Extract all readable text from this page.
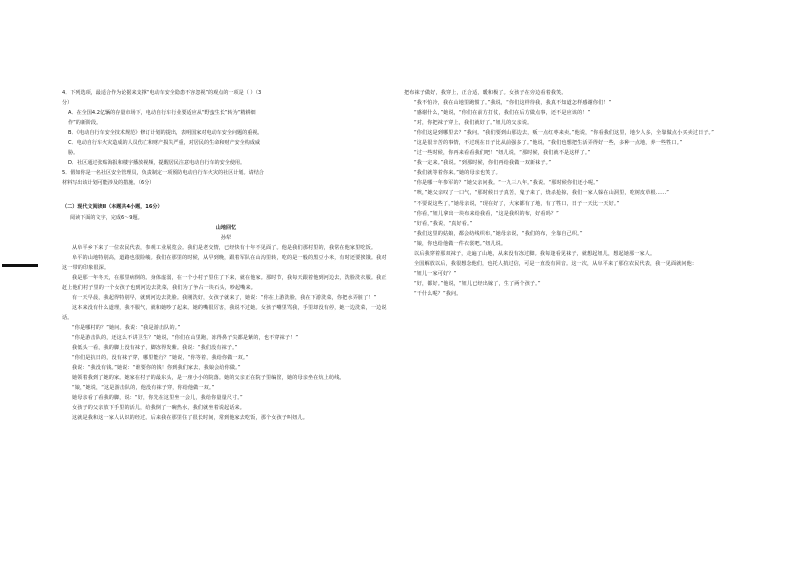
4．下列选项，最适合作为论据来支撑“电动车安全隐患不容忽视”的观点的一项是（ ）（3
分）
A．在全国4.2亿辆的存量市场下，电动自行车行业要适应从“野蛮生长”转为“精耕细
作”的新阶段。
B．《电动自行车安全技术规范》修订计划的提出，表明国家对电动车安全问题的重视。
C．电动自行车火灾造成的人员伤亡和财产损失严重，对居民的生命和财产安全构成威
胁。
D．社区通过张贴海报和楼宇播放视频，提醒居民注意电动自行车的安全使用。
5．假如你是一名社区安全管理员，负责制定一项预防电动自行车火灾的社区计划。请结合
材料写出该计划可能涉及的措施。（6分）
（二）现代文阅读Ⅱ（本题共4小题，16分）
阅读下面的文字，完成6～9题。
山地回忆
孙犁
从阜平乡下来了一位农民代表，参观工业展览会。我们是老交情，已经快有十年不见面了。他是我们那村里的，我常在他家里吃饭。
阜平的山地特别高，道路也很险峻。我们在那里的时候，从早到晚，跟着军队在山沟里转，吃的是一般的黑豆小米，有时还要挨饿。我对这一带的印象很深。
我是那一年冬天，在那里病倒的。身体虚弱，在一个小村子里住了下来，就在他家。那时节，我每天跟着他到河边去，洗脸洗衣服。我正赶上他们村子里的一个女孩子也到河边去洗菜，我们为了争占一块石头，吵起嘴来。
有一天早晨，我起得特别早，就到河边去洗脸。我刚洗好，女孩子就来了，她说：“你在上游洗脸，我在下游洗菜，你把水弄脏了！”
这本来没有什么道理，我不服气，就和她吵了起来。她的嘴很厉害，我说不过她。女孩子嘴里骂我，手里却没有停，她一边洗菜，一边说话。
“你是哪村的？”她问。我说：“我是游击队的。”
“你是游击队的，还这么不讲卫生？”她说，“你们在山里跑，冻得鼻子尖都是紫的，也不穿袜子！”
我低头一看，我的脚上没有袜子，脚冻得发紫。我说：“我们没有袜子。”
“你们是抗日的，没有袜子穿，哪里能行？”她说，“你等着，我给你做一双。”
我说：“我没有钱。”她说：“谁要你的钱！你到我们家去，我娘会给你做。”
她领着我到了她的家。她家在村子的最东头，是一座小小的院落。她的父亲正在院子里编筐，她的母亲坐在炕上纺线。
“娘，”她说，“这是游击队的，他没有袜子穿，你给他做一双。”
她母亲看了看我的脚，说：“好，你先在这里坐一会儿，我给你量量尺寸。”
女孩子的父亲放下手里的活儿，给我倒了一碗热水，我们就坐着说起话来。
这就是我和这一家人认识的经过。后来我在那里住了很长时间，常到他家去吃饭，那个女孩子叫妞儿。
把布袜子做好，我穿上，正合适，暖和极了。女孩子在旁边看着我笑。
“我不怕冷，我在山地里跑惯了。”我说，“你们这样待我，我真不知道怎样感谢你们！”
“感谢什么，”她说，“你们在前方打仗，我们在后方做点事，还不是应该的！”
“对，你把袜子穿上，我们就好了。”妞儿的父亲说。
“你们这是到哪里去？”我问。“我们要到山那边去，贩一点红枣来卖。”他说，“你看我们这里，地少人多，全靠做点小买卖过日子。”
“这是很辛苦的事情，不过现在日子比从前强多了。”他说，“我们也想把生活弄得好一些，多种一点地，养一些牲口。”
“过一些时候，你再来看看我们吧！”妞儿说，“那时候，我们就不是这样了。”
“我一定来。”我说。“到那时候，你们再给我做一双新袜子。”
“我们就等着你来。”她的母亲也笑了。
“你是哪一年参军的？”她父亲问我。“一九三八年。”我说。“那时候你们还小呢。”
“咳，”她父亲叹了一口气，“那时候日子真苦，鬼子来了，烧杀抢掠，我们一家人躲在山洞里，吃树皮草根……”
“不要说这些了，”她母亲说，“现在好了，大家都有了地，有了牲口，日子一天比一天好。”
“你看，”妞儿拿出一块布来给我看，“这是我织的布，好看吗？”
“好看，”我说，“真好看。”
“我们这里的姑娘，都会纺线织布，”她母亲说，“我们的布，全靠自己织。”
“娘，你也给他做一件衣裳吧。”妞儿说。
以后我穿着那双袜子，走遍了山地，从来没有冻过脚。我每逢看见袜子，就想起妞儿，想起她那一家人。
全国解放以后，我很想念他们，也托人捎过信，可是一直没有回音。这一次，从阜平来了那位农民代表，我一见面就问他：
“妞儿一家可好？”
“好，都好。”他说，“妞儿已经出嫁了，生了两个孩子。”
“干什么呢？”我问。
